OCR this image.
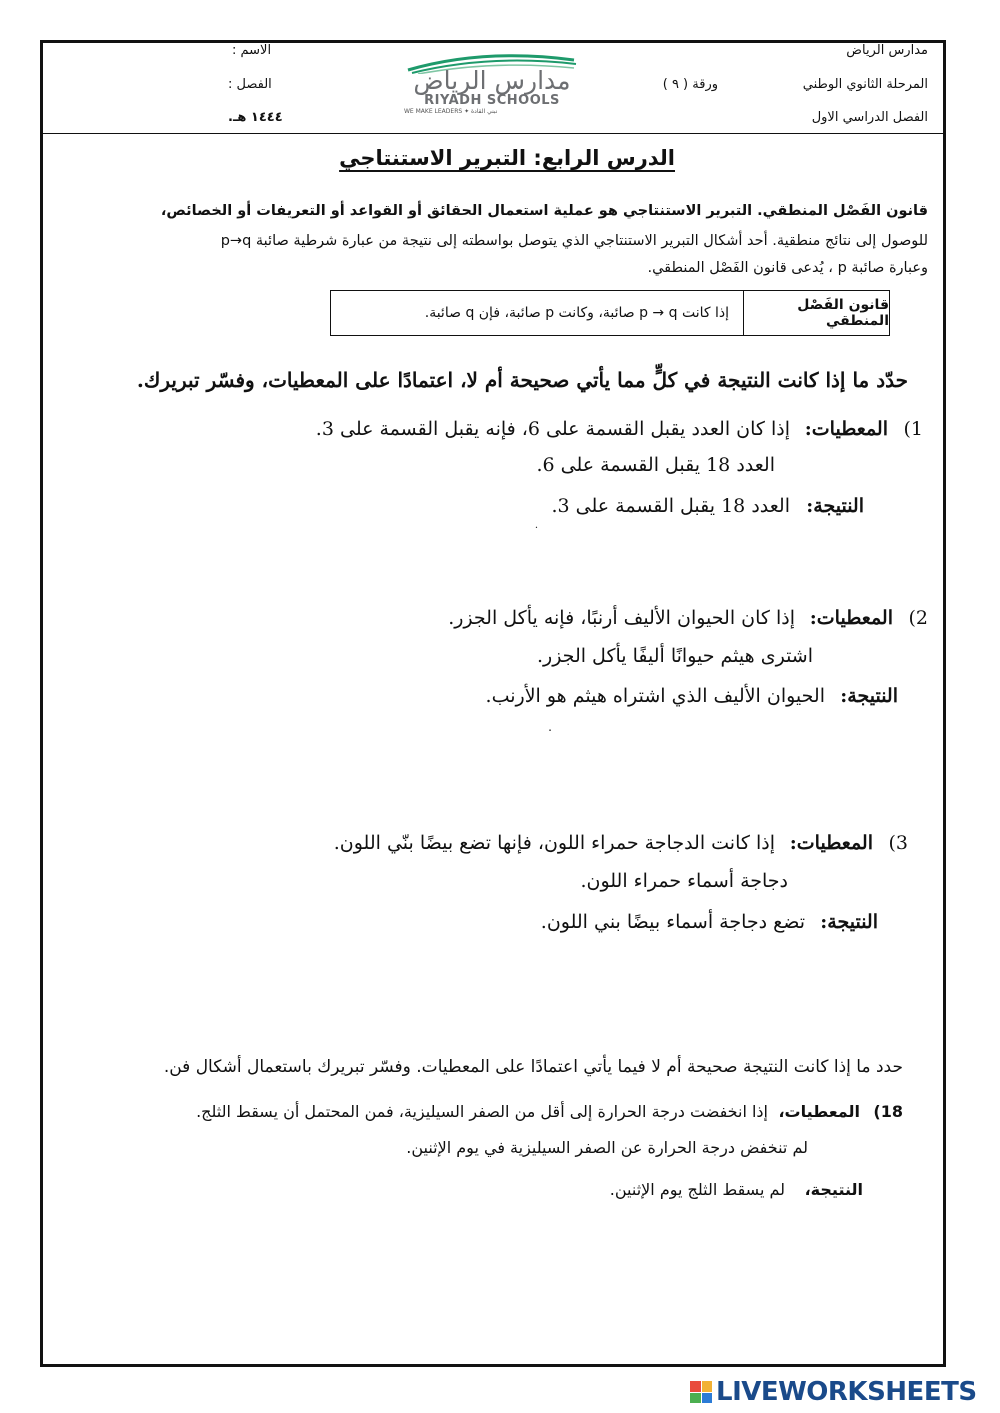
مدارس الرياض
المرحلة الثانوي الوطني
الفصل الدراسي الاول
ورقة ( ٩ )
الاسم :
الفصل :
١٤٤٤ هـ.
مدارس الرياض
RIYADH SCHOOLS
WE MAKE LEADERS ✦ نبني القادة
الدرس الرابع: التبرير الاستنتاجي
قانون الفَصْل المنطقي. التبرير الاستنتاجي هو عملية استعمال الحقائق أو القواعد أو التعريفات أو الخصائص،
للوصول إلى نتائج منطقية. أحد أشكال التبرير الاستنتاجي الذي يتوصل بواسطته إلى نتيجة من عبارة شرطية صائبة p→q
وعبارة صائبة p ، يُدعى قانون الفَصْل المنطقي.
قانون الفَصْل المنطقي
إذا كانت p → q صائبة، وكانت p صائبة، فإن q صائبة.
حدّد ما إذا كانت النتيجة في كلٍّ مما يأتي صحيحة أم لا، اعتمادًا على المعطيات، وفسّر تبريرك.
1)
المعطيات:
إذا كان العدد يقبل القسمة على 6، فإنه يقبل القسمة على 3.
العدد 18 يقبل القسمة على 6.
النتيجة:
العدد 18 يقبل القسمة على 3.
.
2)
المعطيات:
إذا كان الحيوان الأليف أرنبًا، فإنه يأكل الجزر.
اشترى هيثم حيوانًا أليفًا يأكل الجزر.
النتيجة:
الحيوان الأليف الذي اشتراه هيثم هو الأرنب.
.
3)
المعطيات:
إذا كانت الدجاجة حمراء اللون، فإنها تضع بيضًا بنّي اللون.
دجاجة أسماء حمراء اللون.
النتيجة:
تضع دجاجة أسماء بيضًا بني اللون.
حدد ما إذا كانت النتيجة صحيحة أم لا فيما يأتي اعتمادًا على المعطيات. وفسّر تبريرك باستعمال أشكال فن.
18)
المعطيات،
إذا انخفضت درجة الحرارة إلى أقل من الصفر السيليزية، فمن المحتمل أن يسقط الثلج.
لم تنخفض درجة الحرارة عن الصفر السيليزية في يوم الإثنين.
النتيجة،
لم يسقط الثلج يوم الإثنين.
LIVEWORKSHEETS
